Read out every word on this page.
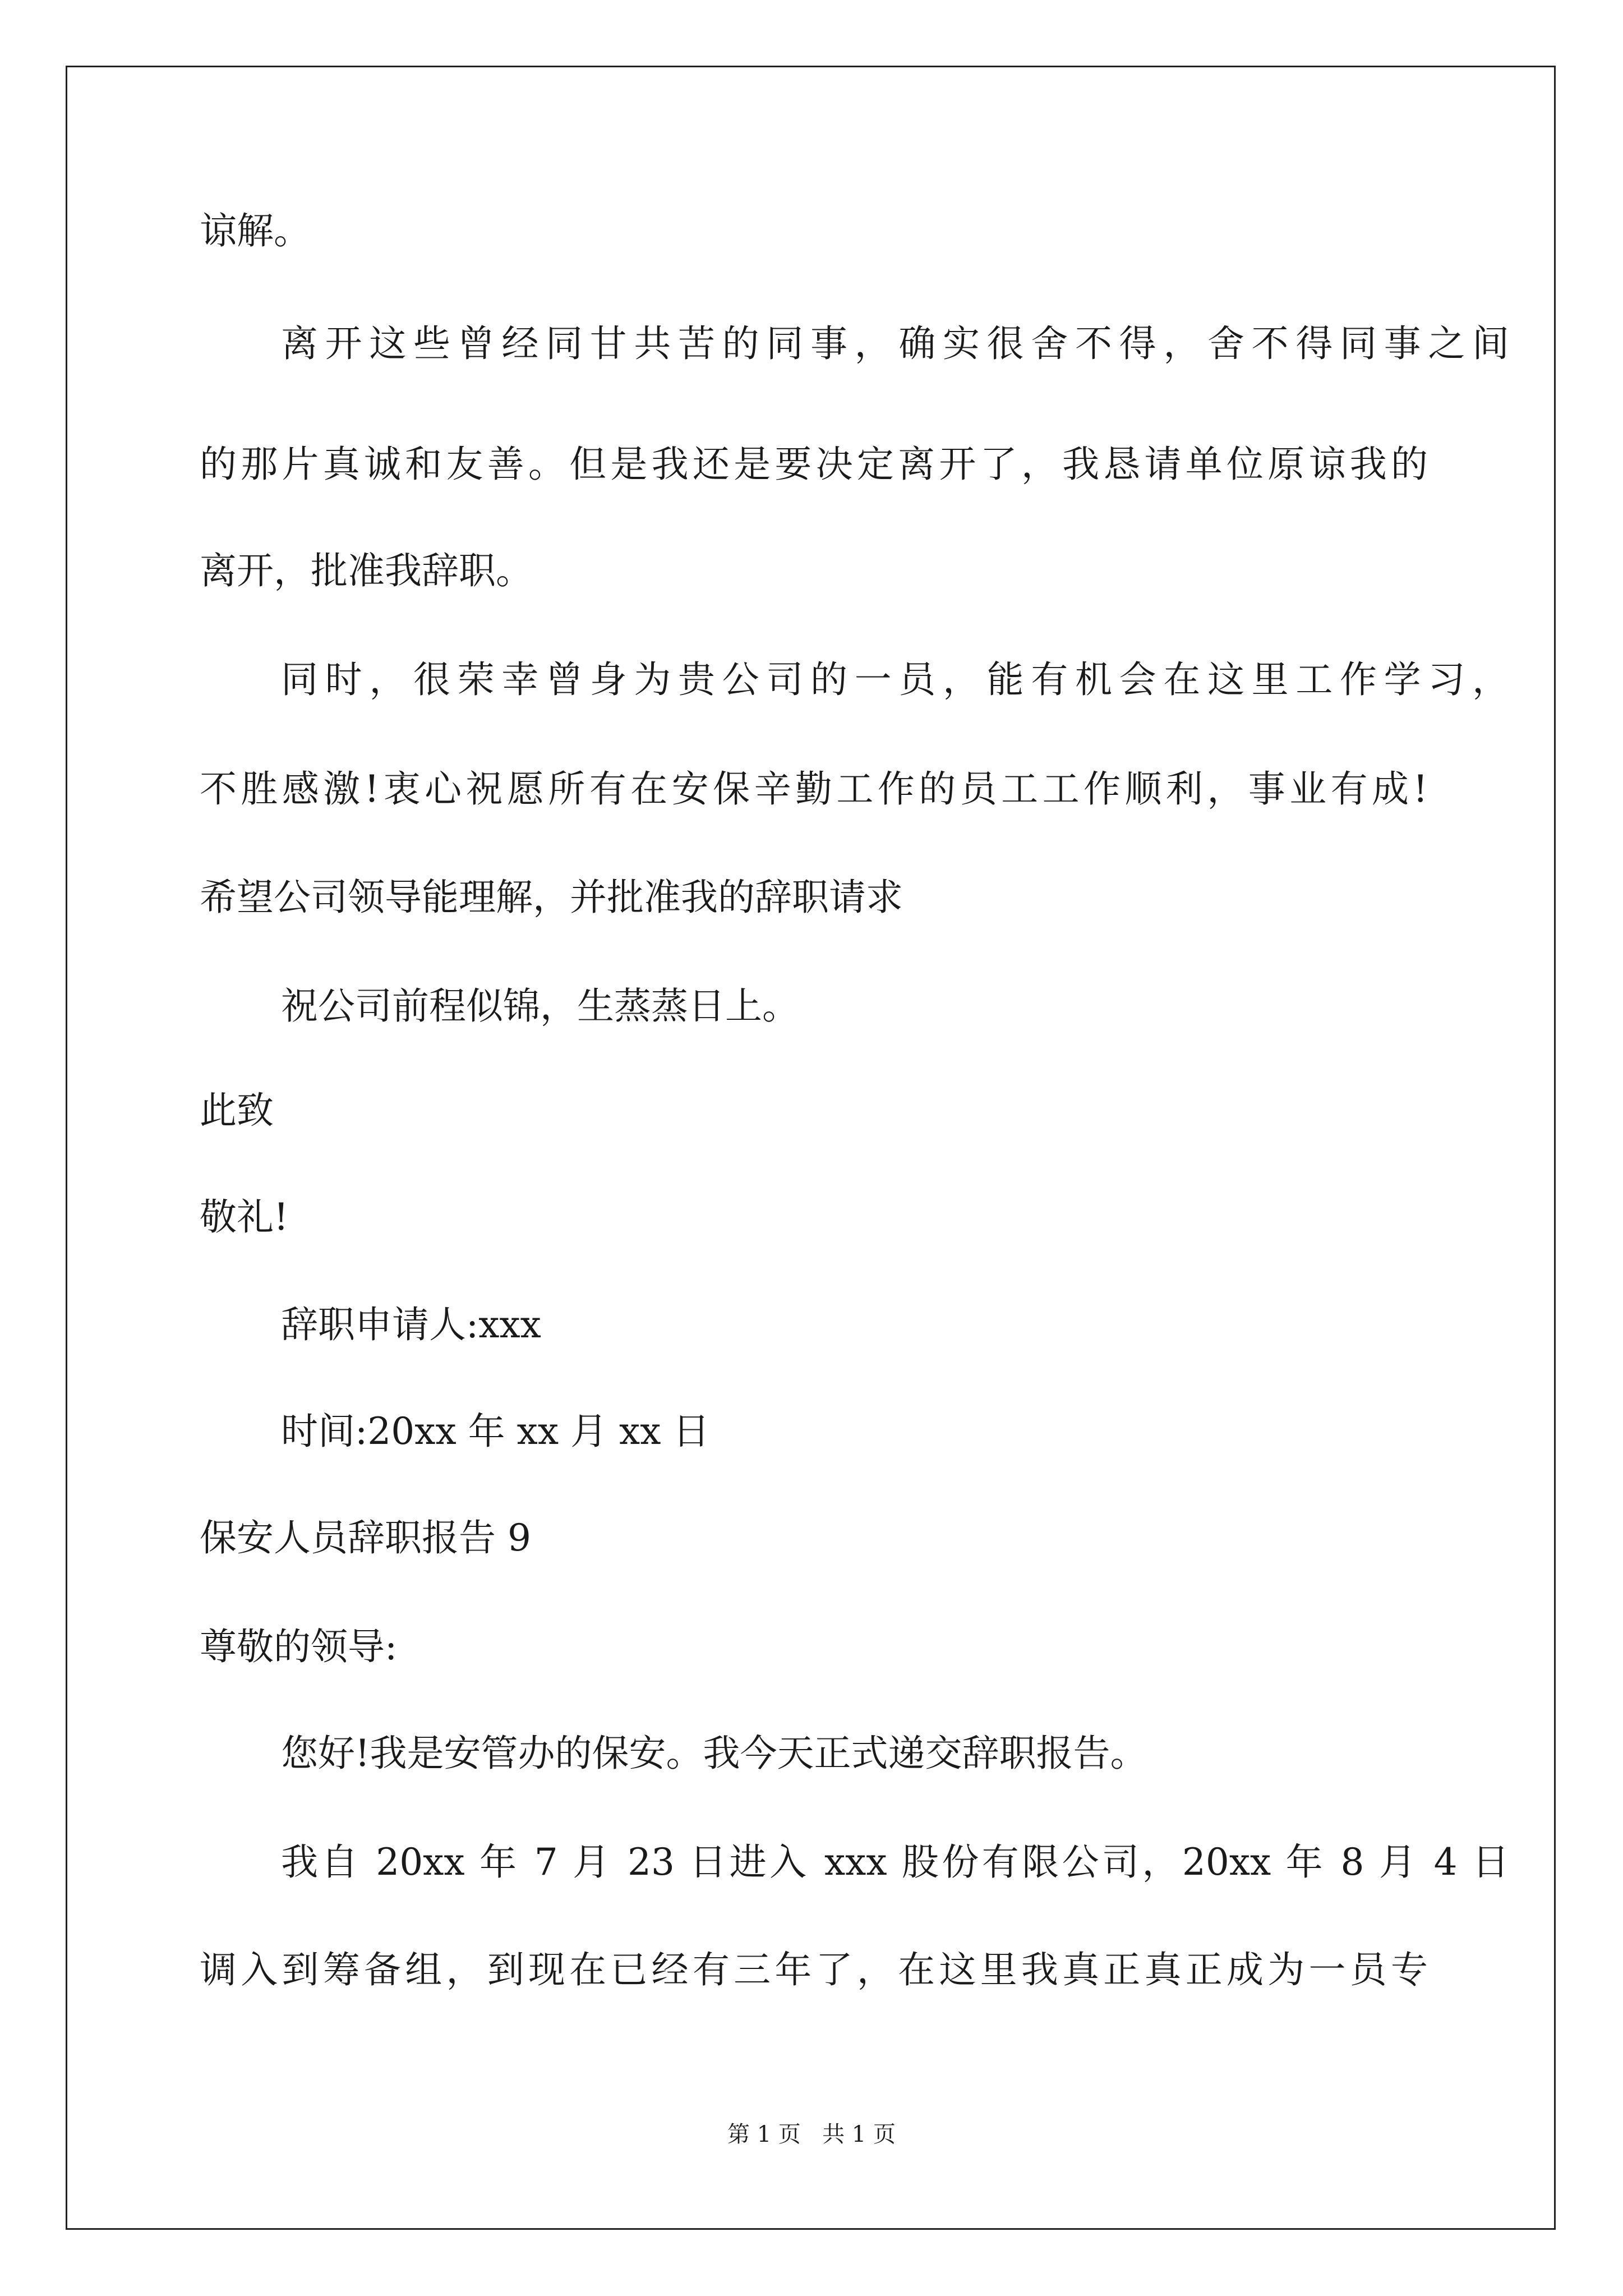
谅解。
离开这些曾经同甘共苦的同事，确实很舍不得，舍不得同事之间
的那片真诚和友善。但是我还是要决定离开了，我恳请单位原谅我的
离开，批准我辞职。
同时，很荣幸曾身为贵公司的一员，能有机会在这里工作学习，
不胜感激!衷心祝愿所有在安保辛勤工作的员工工作顺利，事业有成!
希望公司领导能理解，并批准我的辞职请求
祝公司前程似锦，生蒸蒸日上。
此致
敬礼!
辞职申请人:xxx
时间:20xx 年 xx 月 xx 日
保安人员辞职报告 9
尊敬的领导:
您好!我是安管办的保安。我今天正式递交辞职报告。
我自 20xx 年 7 月 23 日进入 xxx 股份有限公司，20xx 年 8 月 4 日
调入到筹备组，到现在已经有三年了，在这里我真正真正成为一员专
第 1 页   共 1 页
